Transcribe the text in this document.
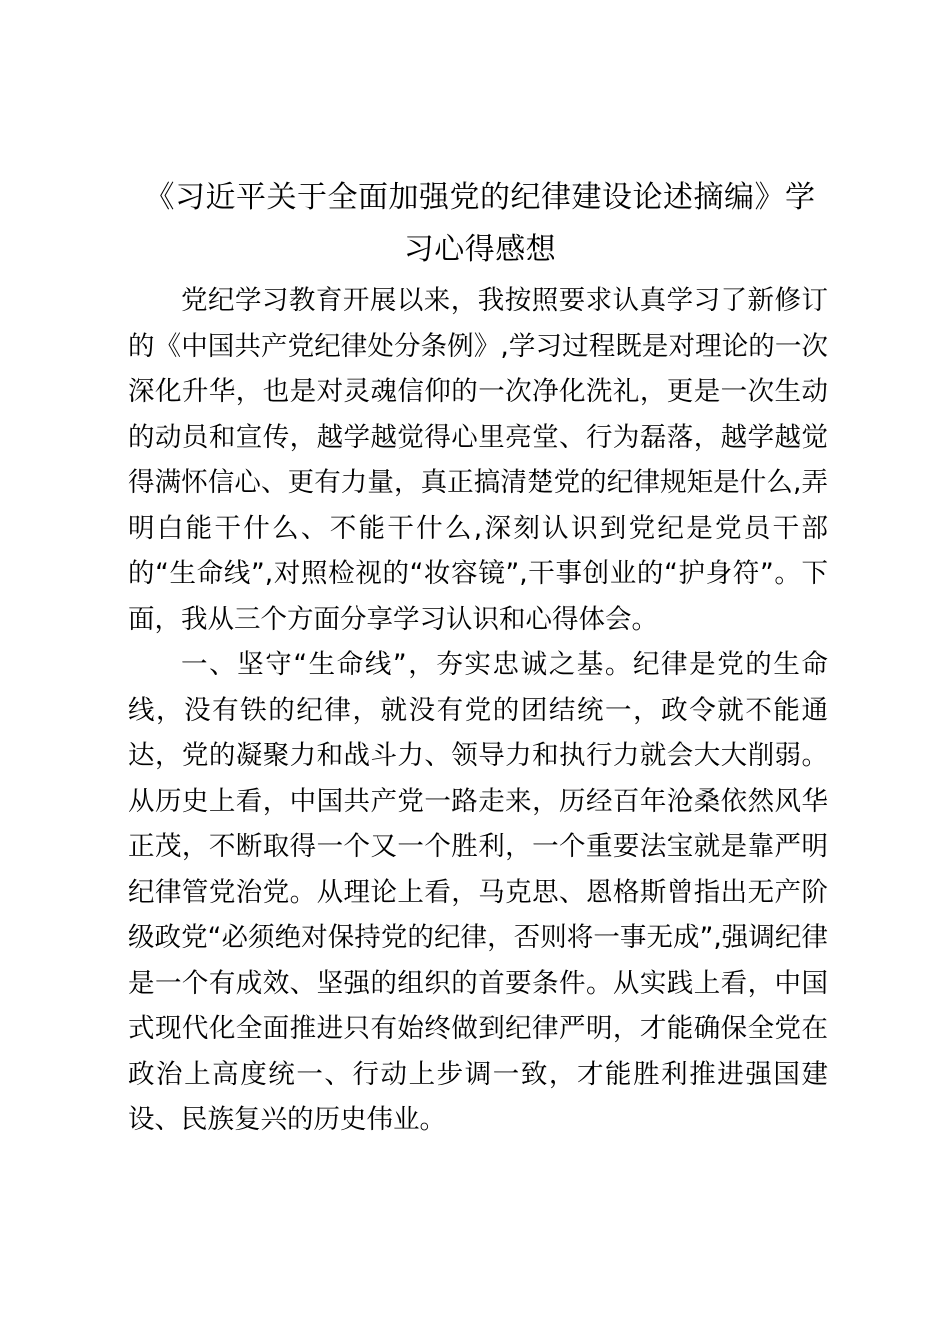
《习近平关于全面加强党的纪律建设论述摘编》学习心得感想

党纪学习教育开展以来，我按照要求认真学习了新修订的《中国共产党纪律处分条例》,学习过程既是对理论的一次深化升华，也是对灵魂信仰的一次净化洗礼，更是一次生动的动员和宣传，越学越觉得心里亮堂、行为磊落，越学越觉得满怀信心、更有力量，真正搞清楚党的纪律规矩是什么,弄明白能干什么、不能干什么,深刻认识到党纪是党员干部的“生命线”,对照检视的“妆容镜”,干事创业的“护身符”。下面，我从三个方面分享学习认识和心得体会。

一、坚守“生命线”，夯实忠诚之基。纪律是党的生命线，没有铁的纪律，就没有党的团结统一，政令就不能通达，党的凝聚力和战斗力、领导力和执行力就会大大削弱。从历史上看，中国共产党一路走来，历经百年沧桑依然风华正茂，不断取得一个又一个胜利，一个重要法宝就是靠严明纪律管党治党。从理论上看，马克思、恩格斯曾指出无产阶级政党“必须绝对保持党的纪律，否则将一事无成”,强调纪律是一个有成效、坚强的组织的首要条件。从实践上看，中国式现代化全面推进只有始终做到纪律严明，才能确保全党在政治上高度统一、行动上步调一致，才能胜利推进强国建设、民族复兴的历史伟业。
